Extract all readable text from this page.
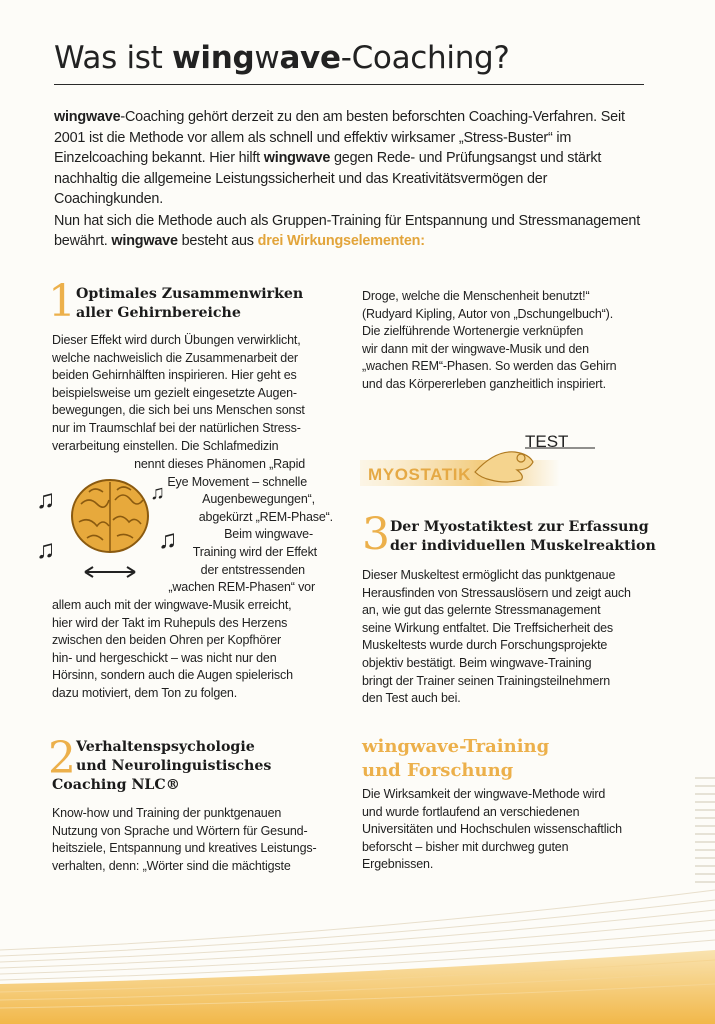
Was ist wingwave-Coaching?

wingwave-Coaching gehört derzeit zu den am besten beforschten Coaching-Verfahren. Seit 2001 ist die Methode vor allem als schnell und effektiv wirksamer „Stress-Buster“ im Einzelcoaching bekannt. Hier hilft wingwave gegen Rede- und Prüfungsangst und stärkt nachhaltig die allgemeine Leistungssicherheit und das Kreativitätsvermögen der Coachingkunden.

Nun hat sich die Methode auch als Gruppen-Training für Entspannung und Stressmanagement bewährt. wingwave besteht aus drei Wirkungselementen:

1 Optimales Zusammenwirken
aller Gehirnbereiche

Dieser Effekt wird durch Übungen verwirklicht,

welche nachweislich die Zusammenarbeit der

beiden Gehirnhälften inspirieren. Hier geht es

beispielsweise um gezielt eingesetzte Augen-

bewegungen, die sich bei uns Menschen sonst

nur im Traumschlaf bei der natürlichen Stress-

verarbeitung einstellen. Die Schlafmedizin

nennt dieses Phänomen „Rapid

Eye Movement – schnelle

Augenbewegungen“,

abgekürzt „REM-Phase“.

Beim wingwave-

Training wird der Effekt

der entstressenden

„wachen REM-Phasen“ vor

allem auch mit der wingwave-Musik erreicht,

hier wird der Takt im Ruhepuls des Herzens

zwischen den beiden Ohren per Kopfhörer

hin- und hergeschickt – was nicht nur den

Hörsinn, sondern auch die Augen spielerisch

dazu motiviert, dem Ton zu folgen.

♫
♫
♫
♫
2 Verhaltenspsychologie
und Neurolinguistisches
Coaching NLC®

Know-how und Training der punktgenauen

Nutzung von Sprache und Wörtern für Gesund-

heitsziele, Entspannung und kreatives Leistungs-

verhalten, denn: „Wörter sind die mächtigste

Droge, welche die Menschenheit benutzt!“

(Rudyard Kipling, Autor von „Dschungelbuch“).

Die zielführende Wortenergie verknüpfen

wir dann mit der wingwave-Musik und den

„wachen REM“-Phasen. So werden das Gehirn

und das Körpererleben ganzheitlich inspiriert.

MYOSTATIK
TEST
3 Der Myostatiktest zur Erfassung
der individuellen Muskelreaktion

Dieser Muskeltest ermöglicht das punktgenaue

Herausfinden von Stressauslösern und zeigt auch

an, wie gut das gelernte Stressmanagement

seine Wirkung entfaltet. Die Treffsicherheit des

Muskeltests wurde durch Forschungsprojekte

objektiv bestätigt. Beim wingwave-Training

bringt der Trainer seinen Trainingsteilnehmern

den Test auch bei.

wingwave-Training
und Forschung

Die Wirksamkeit der wingwave-Methode wird

und wurde fortlaufend an verschiedenen

Universitäten und Hochschulen wissenschaftlich

beforscht – bisher mit durchweg guten

Ergebnissen.
